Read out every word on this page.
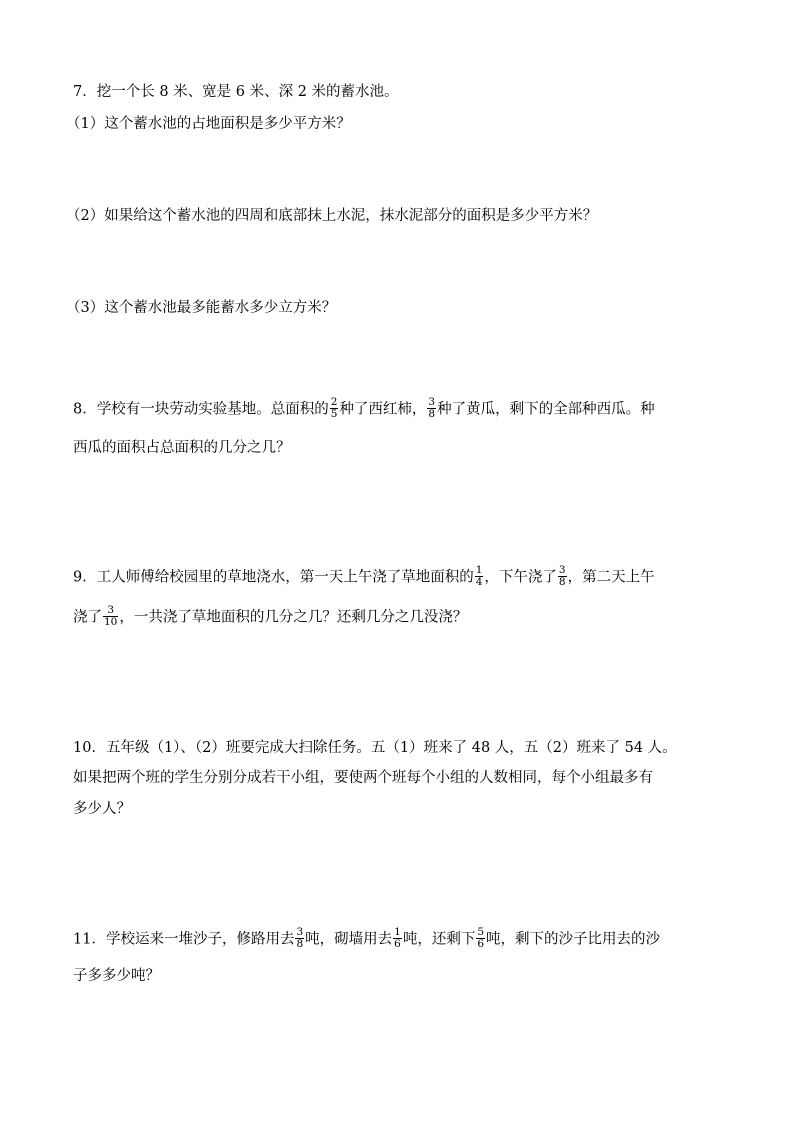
7．挖一个长 8 米、宽是 6 米、深 2 米的蓄水池。
（1）这个蓄水池的占地面积是多少平方米？
（2）如果给这个蓄水池的四周和底部抹上水泥，抹水泥部分的面积是多少平方米？
（3）这个蓄水池最多能蓄水多少立方米？
8．学校有一块劳动实验基地。总面积的 $\frac{2}{5}$ 种了西红柿， $\frac{3}{8}$ 种了黄瓜，剩下的全部种西瓜。种
西瓜的面积占总面积的几分之几？
9．工人师傅给校园里的草地浇水，第一天上午浇了草地面积的 $\frac{1}{4}$ ，下午浇了 $\frac{3}{8}$ ，第二天上午
浇了 $\frac{3}{10}$ ，一共浇了草地面积的几分之几？还剩几分之几没浇？
10．五年级（1）、（2）班要完成大扫除任务。五（1）班来了 48 人，五（2）班来了 54 人。
如果把两个班的学生分别分成若干小组，要使两个班每个小组的人数相同，每个小组最多有
多少人？
11．学校运来一堆沙子，修路用去 $\frac{3}{8}$ 吨，砌墙用去 $\frac{1}{6}$ 吨，还剩下 $\frac{5}{6}$ 吨，剩下的沙子比用去的沙
子多多少吨？
